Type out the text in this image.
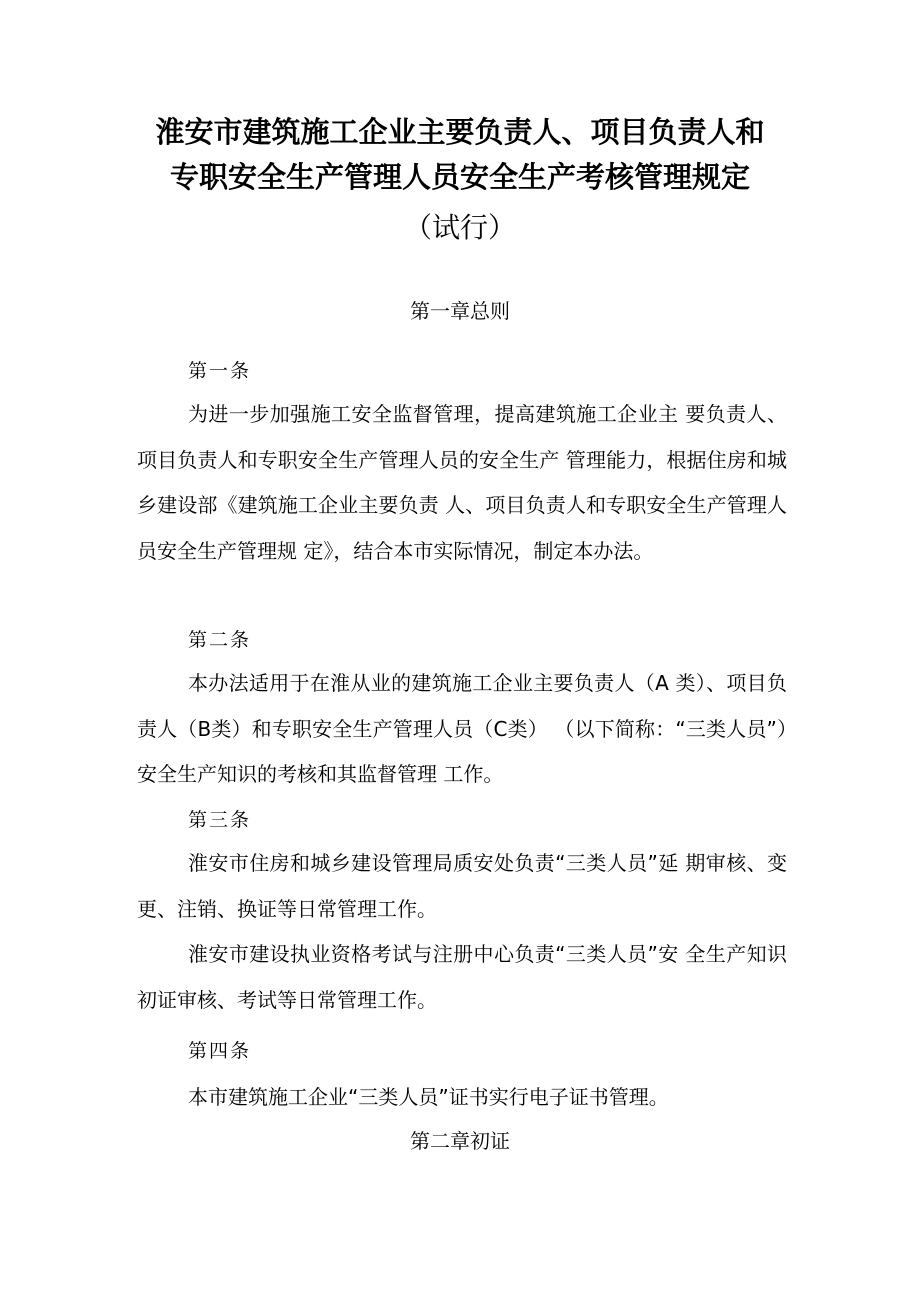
淮安市建筑施工企业主要负责人、项目负责人和
专职安全生产管理人员安全生产考核管理规定
（试行）
第一章总则
第一条
为进一步加强施工安全监督管理，提高建筑施工企业主 要负责人、项目负责人和专职安全生产管理人员的安全生产 管理能力，根据住房和城乡建设部《建筑施工企业主要负责 人、项目负责人和专职安全生产管理人员安全生产管理规 定》，结合本市实际情况，制定本办法。
第二条
本办法适用于在淮从业的建筑施工企业主要负责人（A 类）、项目负责人（B类）和专职安全生产管理人员（C类） （以下简称：“三类人员”）安全生产知识的考核和其监督管理 工作。
第三条
淮安市住房和城乡建设管理局质安处负责“三类人员”延 期审核、变更、注销、换证等日常管理工作。
淮安市建设执业资格考试与注册中心负责“三类人员”安 全生产知识初证审核、考试等日常管理工作。
第四条
本市建筑施工企业“三类人员”证书实行电子证书管理。
第二章初证
